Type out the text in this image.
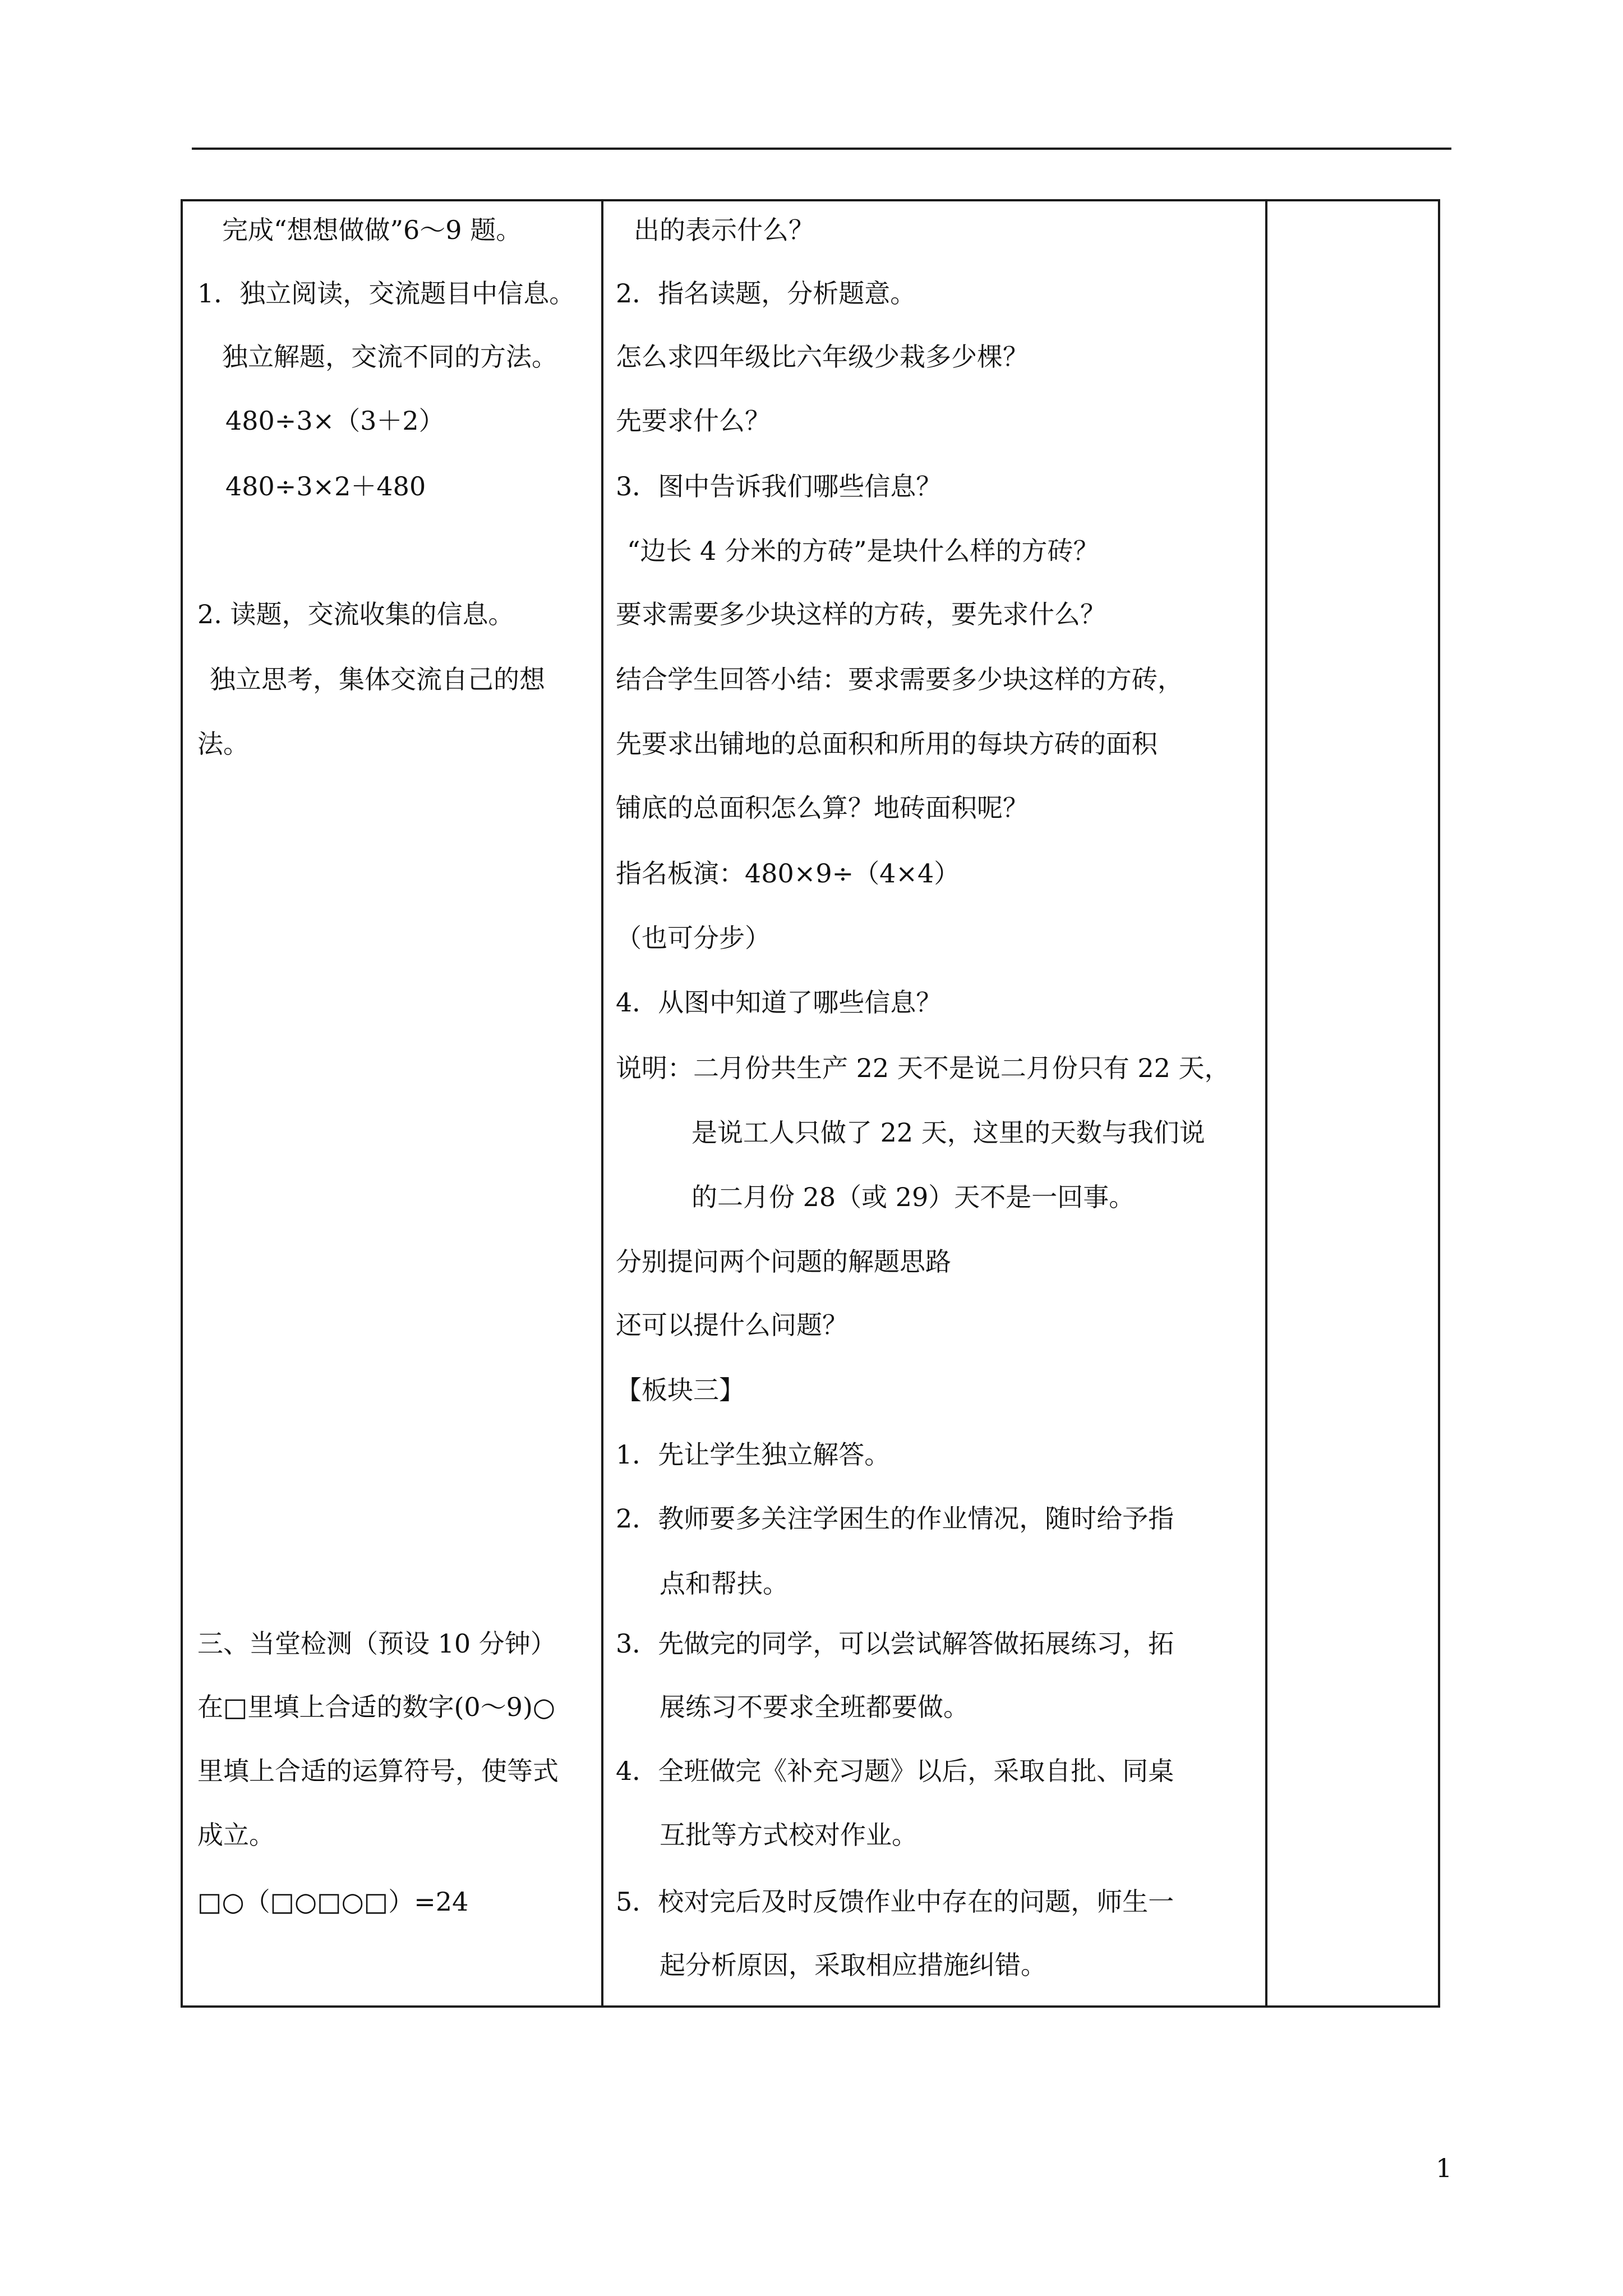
完成“想想做做”6～9 题。
1．独立阅读，交流题目中信息。
独立解题，交流不同的方法。
480÷3×（3＋2）
480÷3×2＋480
2. 读题，交流收集的信息。
独立思考，集体交流自己的想
法。
三、当堂检测（预设 10 分钟）
在□里填上合适的数字(0～9)○
里填上合适的运算符号，使等式
成立。
□○（□○□○□）=24
出的表示什么？
2．指名读题，分析题意。
怎么求四年级比六年级少栽多少棵？
先要求什么？
3．图中告诉我们哪些信息？
“边长 4 分米的方砖”是块什么样的方砖？
要求需要多少块这样的方砖，要先求什么？
结合学生回答小结：要求需要多少块这样的方砖，
先要求出铺地的总面积和所用的每块方砖的面积
铺底的总面积怎么算？地砖面积呢？
指名板演：480×9÷（4×4）
（也可分步）
4．从图中知道了哪些信息？
说明：二月份共生产 22 天不是说二月份只有 22 天，
是说工人只做了 22 天，这里的天数与我们说
的二月份 28（或 29）天不是一回事。
分别提问两个问题的解题思路
还可以提什么问题？
【板块三】
1．先让学生独立解答。
2．教师要多关注学困生的作业情况，随时给予指
点和帮扶。
3．先做完的同学，可以尝试解答做拓展练习，拓
展练习不要求全班都要做。
4．全班做完《补充习题》以后，采取自批、同桌
互批等方式校对作业。
5．校对完后及时反馈作业中存在的问题，师生一
起分析原因，采取相应措施纠错。
1
